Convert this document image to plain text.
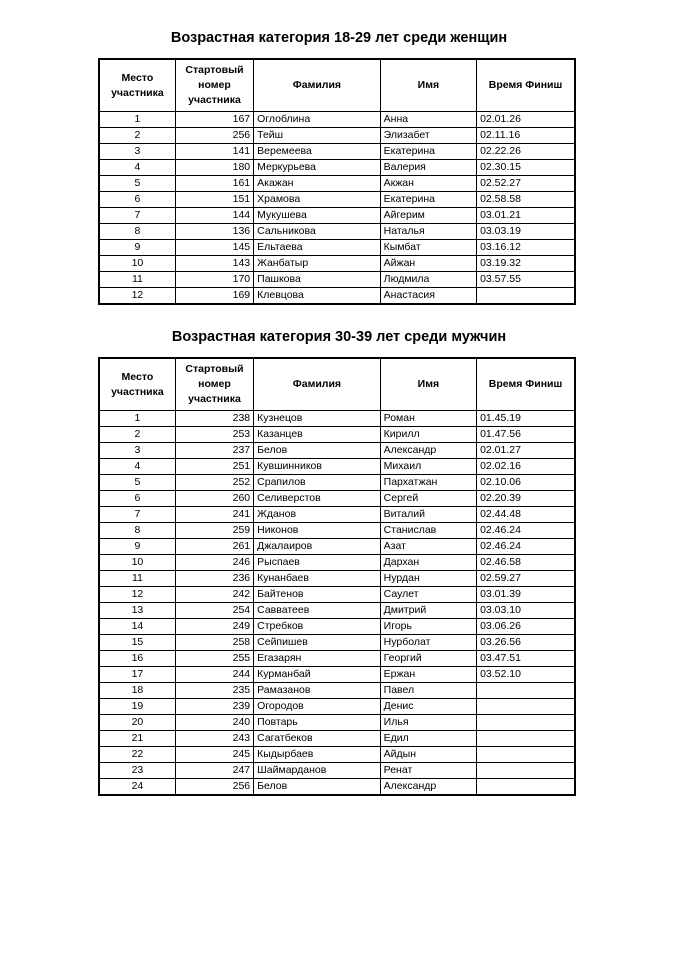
Возрастная категория 18-29 лет среди женщин
Место участника	Стартовый номер участника	Фамилия	Имя	Время Финиш
1	167	Оглоблина	Анна	02.01.26
2	256	Тейш	Элизабет	02.11.16
3	141	Веремеева	Екатерина	02.22.26
4	180	Меркурьева	Валерия	02.30.15
5	161	Акажан	Акжан	02.52.27
6	151	Храмова	Екатерина	02.58.58
7	144	Мукушева	Айгерим	03.01.21
8	136	Сальникова	Наталья	03.03.19
9	145	Ельтаева	Кымбат	03.16.12
10	143	Жанбатыр	Айжан	03.19.32
11	170	Пашкова	Людмила	03.57.55
12	169	Клевцова	Анастасия	
Возрастная категория 30-39 лет среди мужчин
Место участника	Стартовый номер участника	Фамилия	Имя	Время Финиш
1	238	Кузнецов	Роман	01.45.19
2	253	Казанцев	Кирилл	01.47.56
3	237	Белов	Александр	02.01.27
4	251	Кувшинников	Михаил	02.02.16
5	252	Срапилов	Пархатжан	02.10.06
6	260	Селиверстов	Сергей	02.20.39
7	241	Жданов	Виталий	02.44.48
8	259	Никонов	Станислав	02.46.24
9	261	Джалаиров	Азат	02.46.24
10	246	Рыспаев	Дархан	02.46.58
11	236	Кунанбаев	Нурдан	02.59.27
12	242	Байтенов	Саулет	03.01.39
13	254	Савватеев	Дмитрий	03.03.10
14	249	Стребков	Игорь	03.06.26
15	258	Сейпишев	Нурболат	03.26.56
16	255	Егазарян	Георгий	03.47.51
17	244	Курманбай	Ержан	03.52.10
18	235	Рамазанов	Павел	
19	239	Огородов	Денис	
20	240	Повтарь	Илья	
21	243	Сагатбеков	Едил	
22	245	Кыдырбаев	Айдын	
23	247	Шаймарданов	Ренат	
24	256	Белов	Александр	
